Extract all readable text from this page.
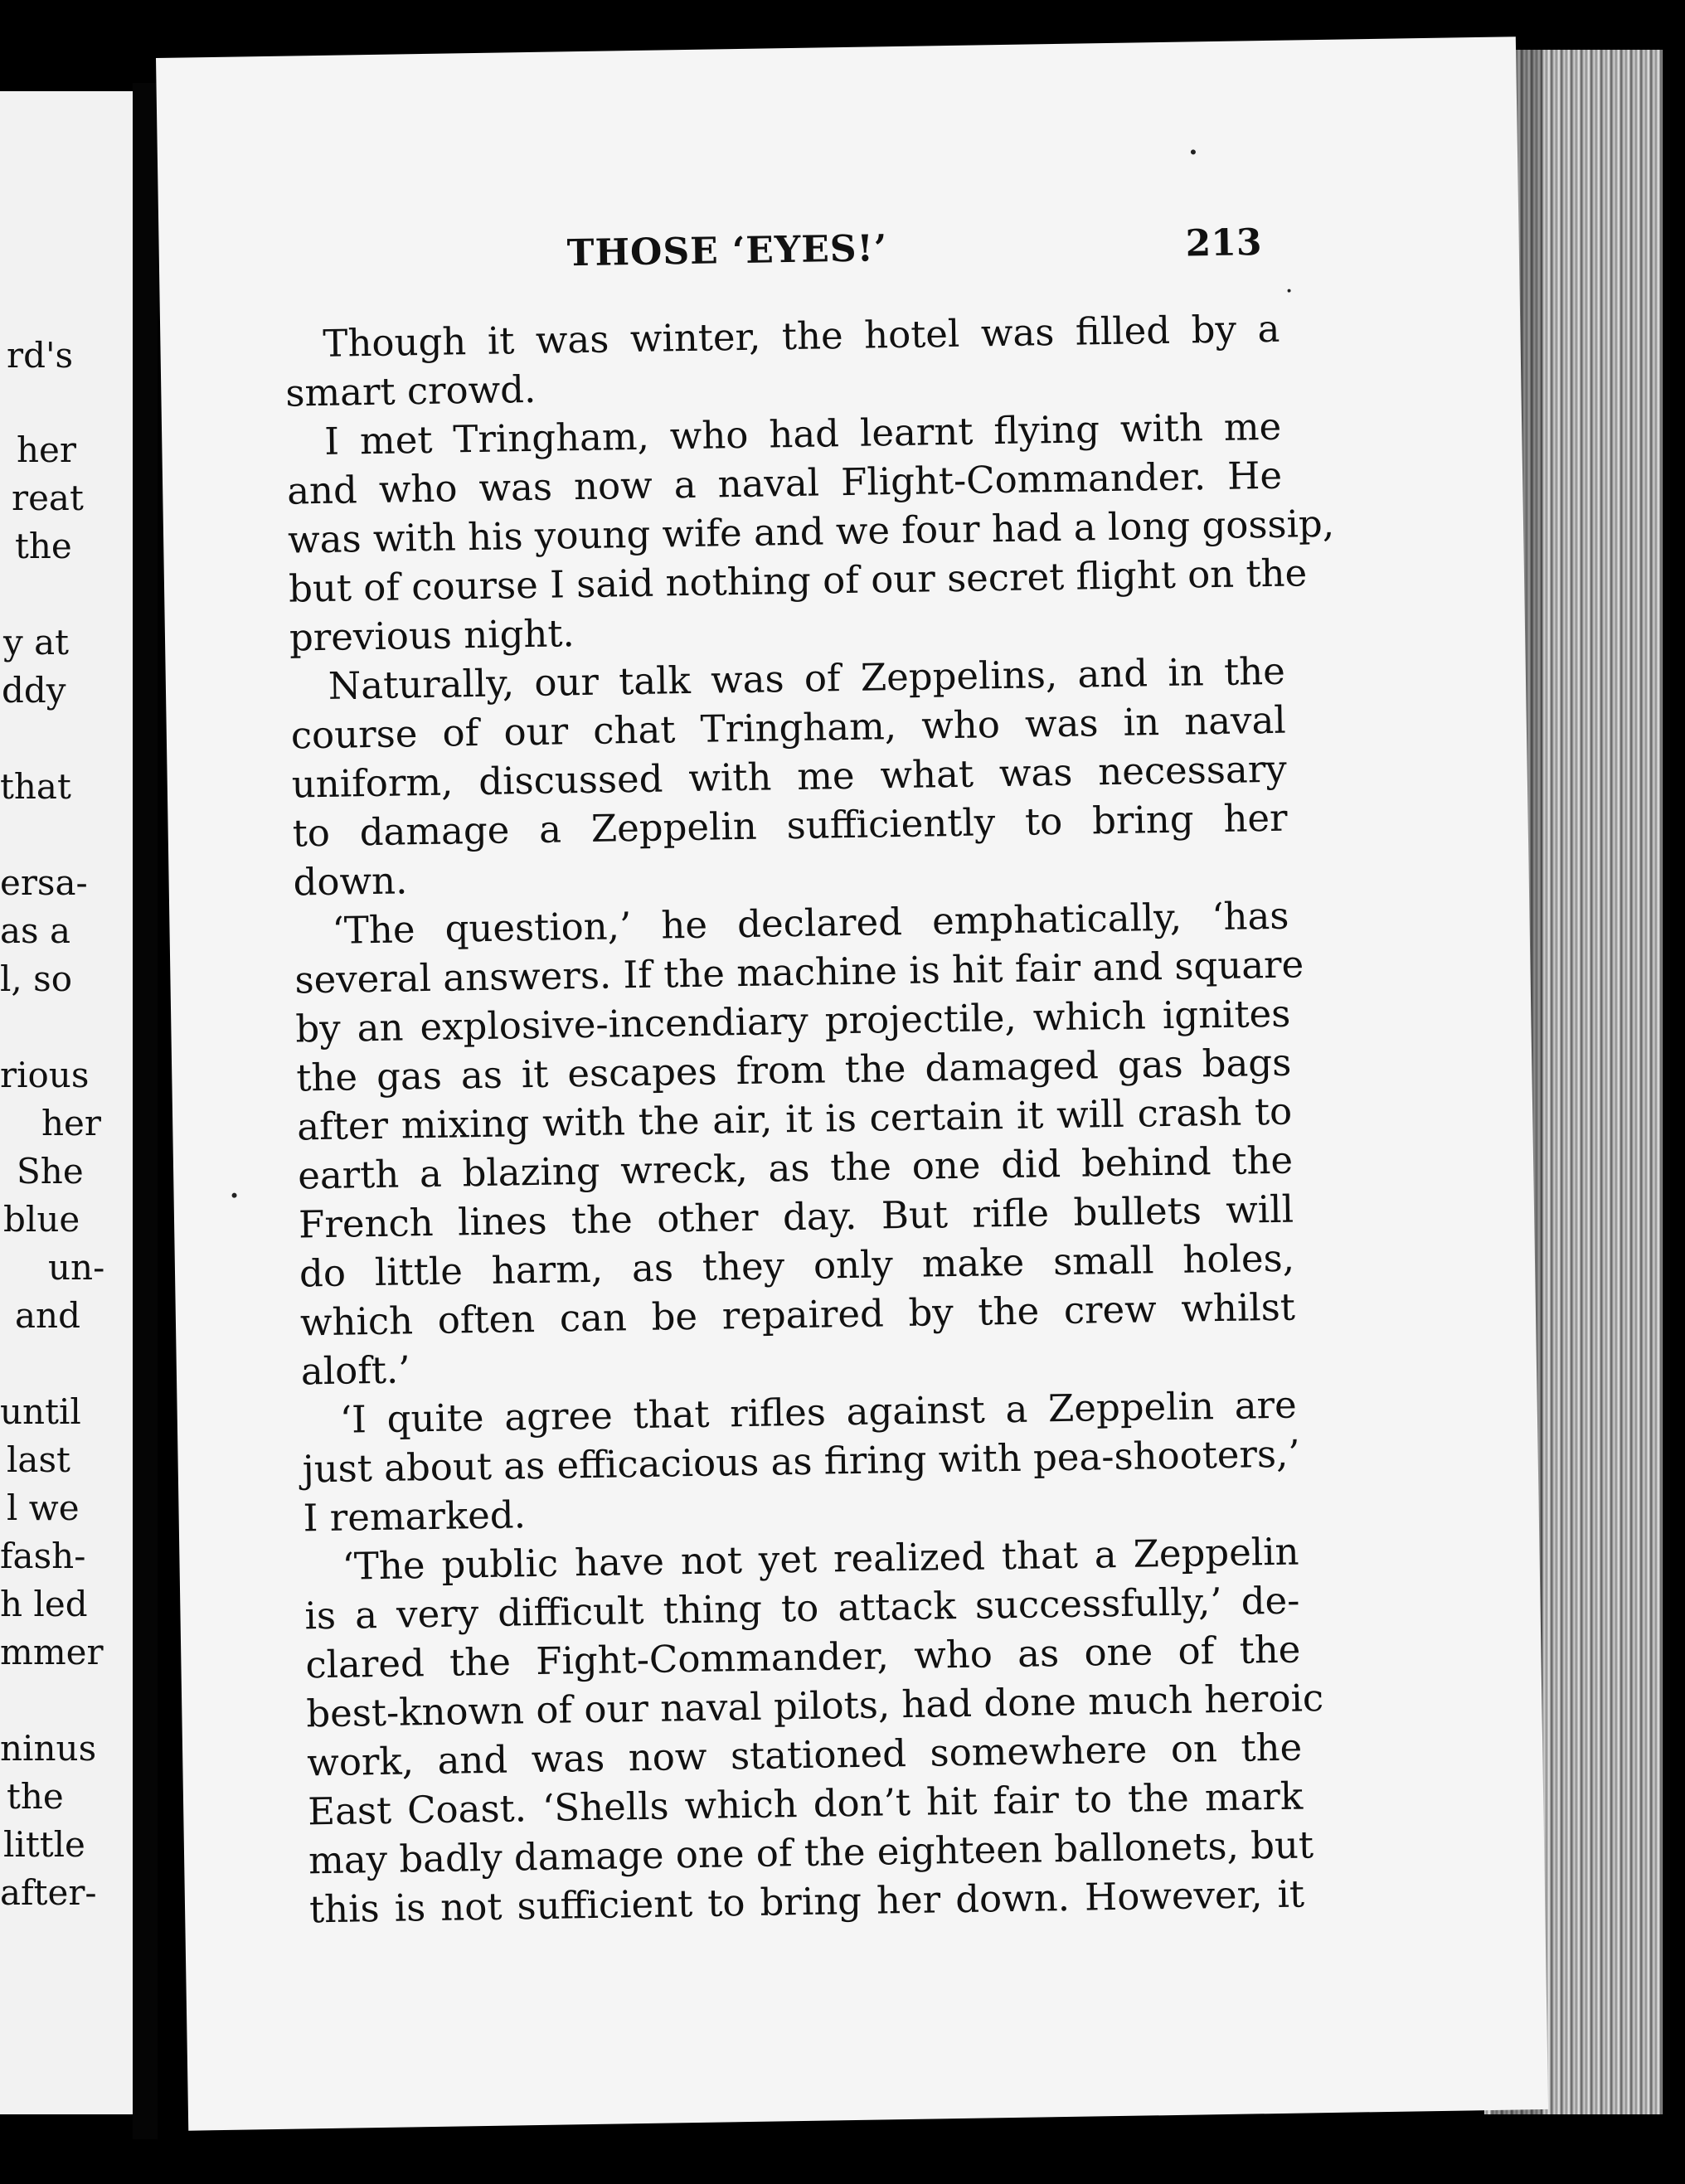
rd's
her
reat
the
y at
ddy
that
ersa-
as a
l, so
rious
her
She
blue
un-
and
until
last
l we
fash-
h led
mmer
ninus
the
little
after-
THOSE ‘EYES!’	213
Though it was winter, the hotel was filled by a
smart crowd.
I met Tringham, who had learnt flying with me
and who was now a naval Flight-Commander. He
was with his young wife and we four had a long gossip,
but of course I said nothing of our secret flight on the
previous night.
Naturally, our talk was of Zeppelins, and in the
course of our chat Tringham, who was in naval
uniform, discussed with me what was necessary
to damage a Zeppelin sufficiently to bring her
down.
‘The question,’ he declared emphatically, ‘has
several answers. If the machine is hit fair and square
by an explosive-incendiary projectile, which ignites
the gas as it escapes from the damaged gas bags
after mixing with the air, it is certain it will crash to
earth a blazing wreck, as the one did behind the
French lines the other day. But rifle bullets will
do little harm, as they only make small holes,
which often can be repaired by the crew whilst
aloft.’
‘I quite agree that rifles against a Zeppelin are
just about as efficacious as firing with pea-shooters,’
I remarked.
‘The public have not yet realized that a Zeppelin
is a very difficult thing to attack successfully,’ de-
clared the Fight-Commander, who as one of the
best-known of our naval pilots, had done much heroic
work, and was now stationed somewhere on the
East Coast. ‘Shells which don’t hit fair to the mark
may badly damage one of the eighteen ballonets, but
this is not sufficient to bring her down. However, it
